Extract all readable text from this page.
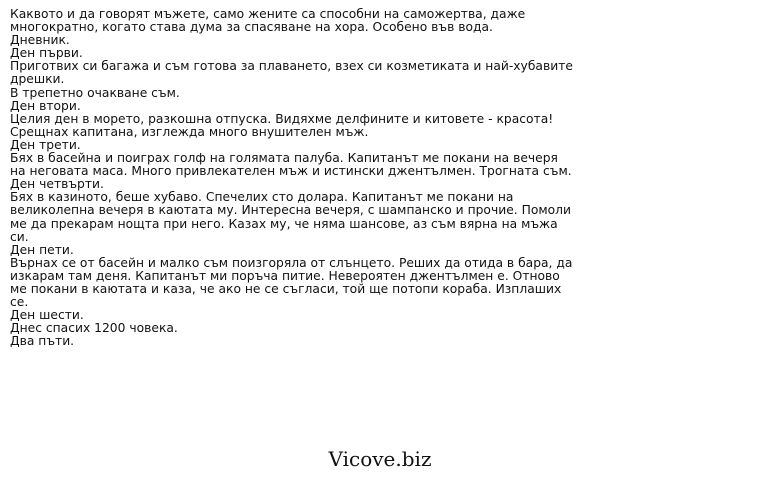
Каквото и да говорят мъжете, само жените са способни на саможертва, даже многократно, когато става дума за спасяване на хора. Особено във вода.
Дневник.
Ден първи.
Приготвих си багажа и съм готова за плаването, взех си козметиката и най-хубавите дрешки.
В трепетно очакване съм.
Ден втори.
Целия ден в морето, разкошна отпуска. Видяхме делфините и китовете - красота!
Срещнах капитана, изглежда много внушителен мъж.
Ден трети.
Бях в басейна и поиграх голф на голямата палуба. Капитанът ме покани на вечеря на неговата маса. Много привлекателен мъж и истински джентълмен. Трогната съм.
Ден четвърти.
Бях в казиното, беше хубаво. Спечелих сто долара. Капитанът ме покани на великолепна вечеря в каютата му. Интересна вечеря, с шампанско и прочие. Помоли ме да прекарам нощта при него. Казах му, че няма шансове, аз съм вярна на мъжа си.
Ден пети.
Върнах се от басейн и малко съм поизгоряла от слънцето. Реших да отида в бара, да изкарам там деня. Капитанът ми поръча питие. Невероятен джентълмен е. Отново ме покани в каютата и каза, че ако не се съгласи, той ще потопи кораба. Изплаших се.
Ден шести.
Днес спасих 1200 човека.
Два пъти.
Vicove.biz
